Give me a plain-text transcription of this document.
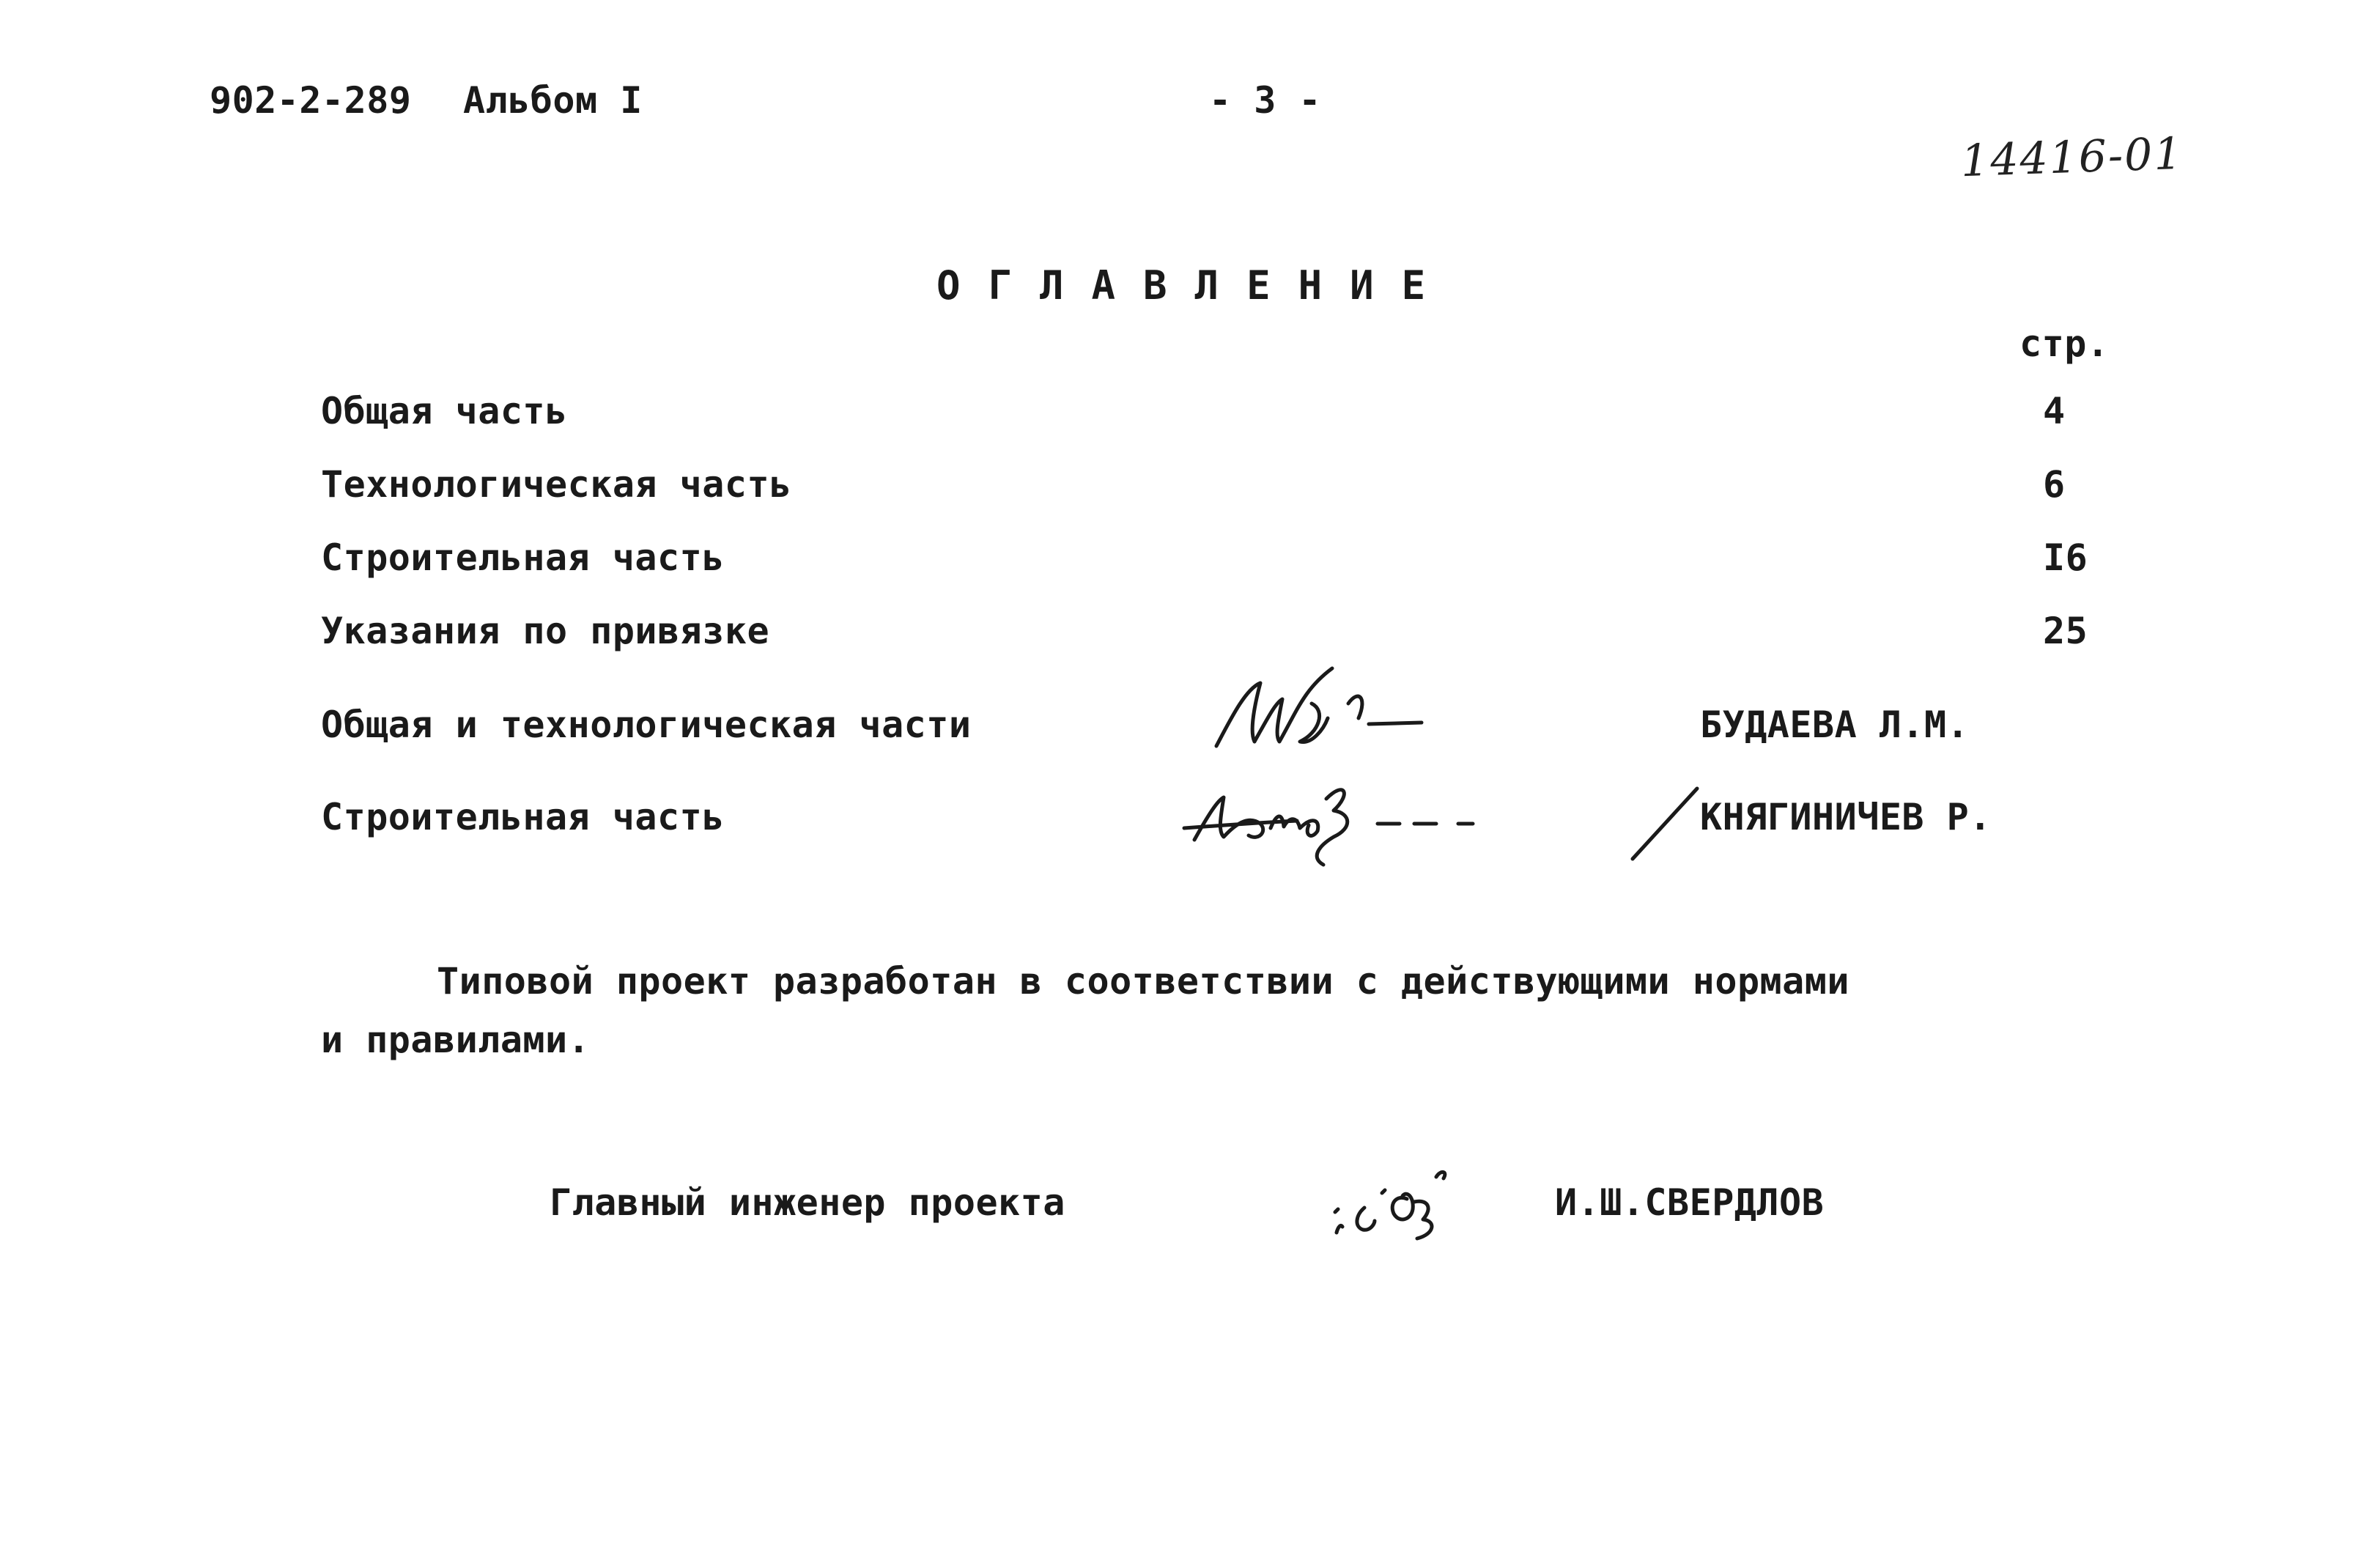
902-2-289 Альбом I	- 3 -
14416-01
ОГЛАВЛЕНИЕ
стр.
Общая часть	4
Технологическая часть	6
Строительная часть	I6
Указания по привязке	25
Общая и технологическая части	БУДАЕВА Л.М.
Строительная часть	КНЯГИНИЧЕВ Р.
Типовой проект разработан в соответствии с действующими нормами
и правилами.
Главный инженер проекта	И.Ш.СВЕРДЛОВ
